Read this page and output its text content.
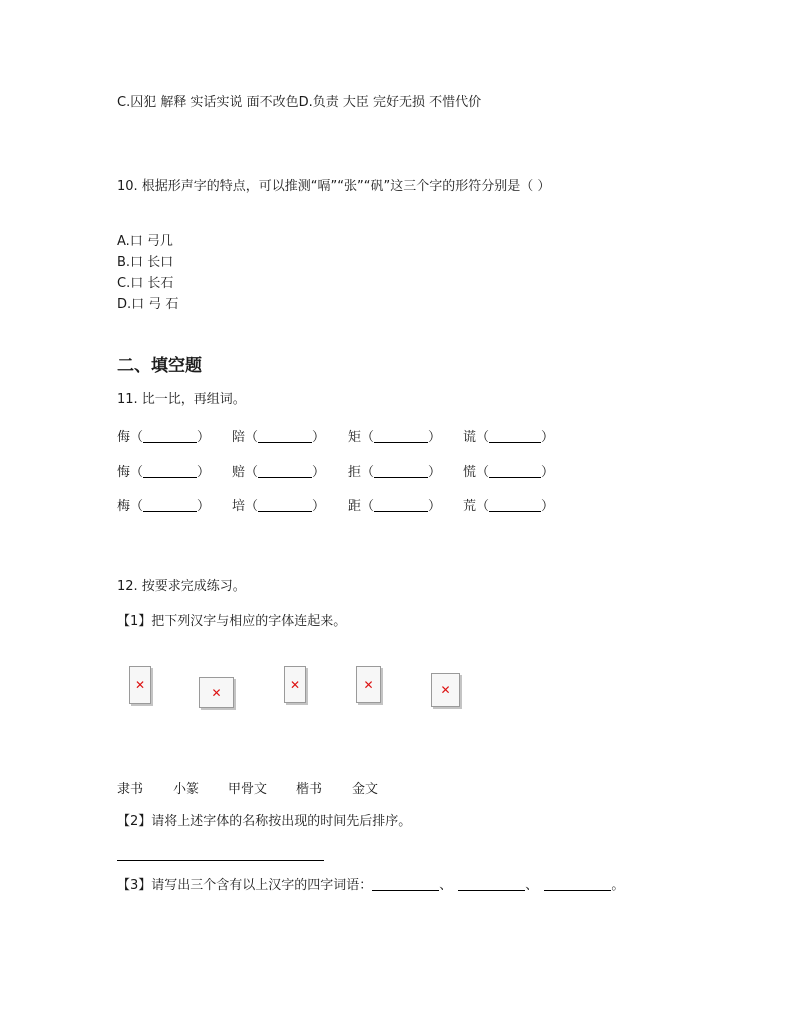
C.囚犯 解释 实话实说 面不改色D.负责 大臣 完好无损 不惜代价
10. 根据形声字的特点，可以推测“嗝”“张”“矾”这三个字的形符分别是（ ）
A.口 弓几
B.口 长口
C.口 长石
D.口 弓 石
二、填空题
11. 比一比，再组词。
侮（	） 陪（	） 矩（	） 谎（	）
悔（	） 赔（	） 拒（	） 慌（	）
梅（	） 培（	） 距（	） 荒（	）
12. 按要求完成练习。
【1】把下列汉字与相应的字体连起来。
✕
✕
✕	✕	✕
隶书 小篆 甲骨文 楷书 金文
【2】请将上述字体的名称按出现的时间先后排序。
【3】请写出三个含有以上汉字的四字词语：	、	、	。
